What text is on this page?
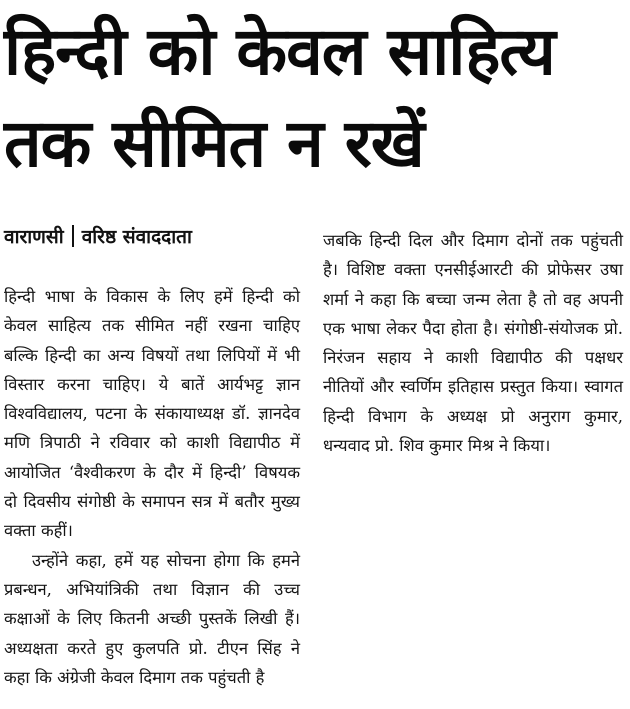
हिन्दी को केवल साहित्य
तक सीमित न रखें
वाराणसी वरिष्ठ संवाददाता

हिन्दी भाषा के विकास के लिए हमें हिन्दी को केवल साहित्य तक सीमित नहीं रखना चाहिए बल्कि हिन्दी का अन्य विषयों तथा लिपियों में भी विस्तार करना चाहिए। ये बातें आर्यभट्ट ज्ञान विश्वविद्यालय, पटना के संकायाध्यक्ष डॉ. ज्ञानदेव मणि त्रिपाठी ने रविवार को काशी विद्यापीठ में आयोजित ‘वैश्वीकरण के दौर में हिन्दी’ विषयक दो दिवसीय संगोष्ठी के समापन सत्र में बतौर मुख्य वक्ता कहीं।

उन्होंने कहा, हमें यह सोचना होगा कि हमने प्रबन्धन, अभियांत्रिकी तथा विज्ञान की उच्च कक्षाओं के लिए कितनी अच्छी पुस्तकें लिखी हैं। अध्यक्षता करते हुए कुलपति प्रो. टीएन सिंह ने कहा कि अंग्रेजी केवल दिमाग तक पहुंचती है

जबकि हिन्दी दिल और दिमाग दोनों तक पहुंचती है। विशिष्ट वक्ता एनसीईआरटी की प्रोफेसर उषा शर्मा ने कहा कि बच्चा जन्म लेता है तो वह अपनी एक भाषा लेकर पैदा होता है। संगोष्ठी-संयोजक प्रो. निरंजन सहाय ने काशी विद्यापीठ की पक्षधर नीतियों और स्वर्णिम इतिहास प्रस्तुत किया। स्वागत हिन्दी विभाग के अध्यक्ष प्रो अनुराग कुमार, धन्यवाद प्रो. शिव कुमार मिश्र ने किया।
